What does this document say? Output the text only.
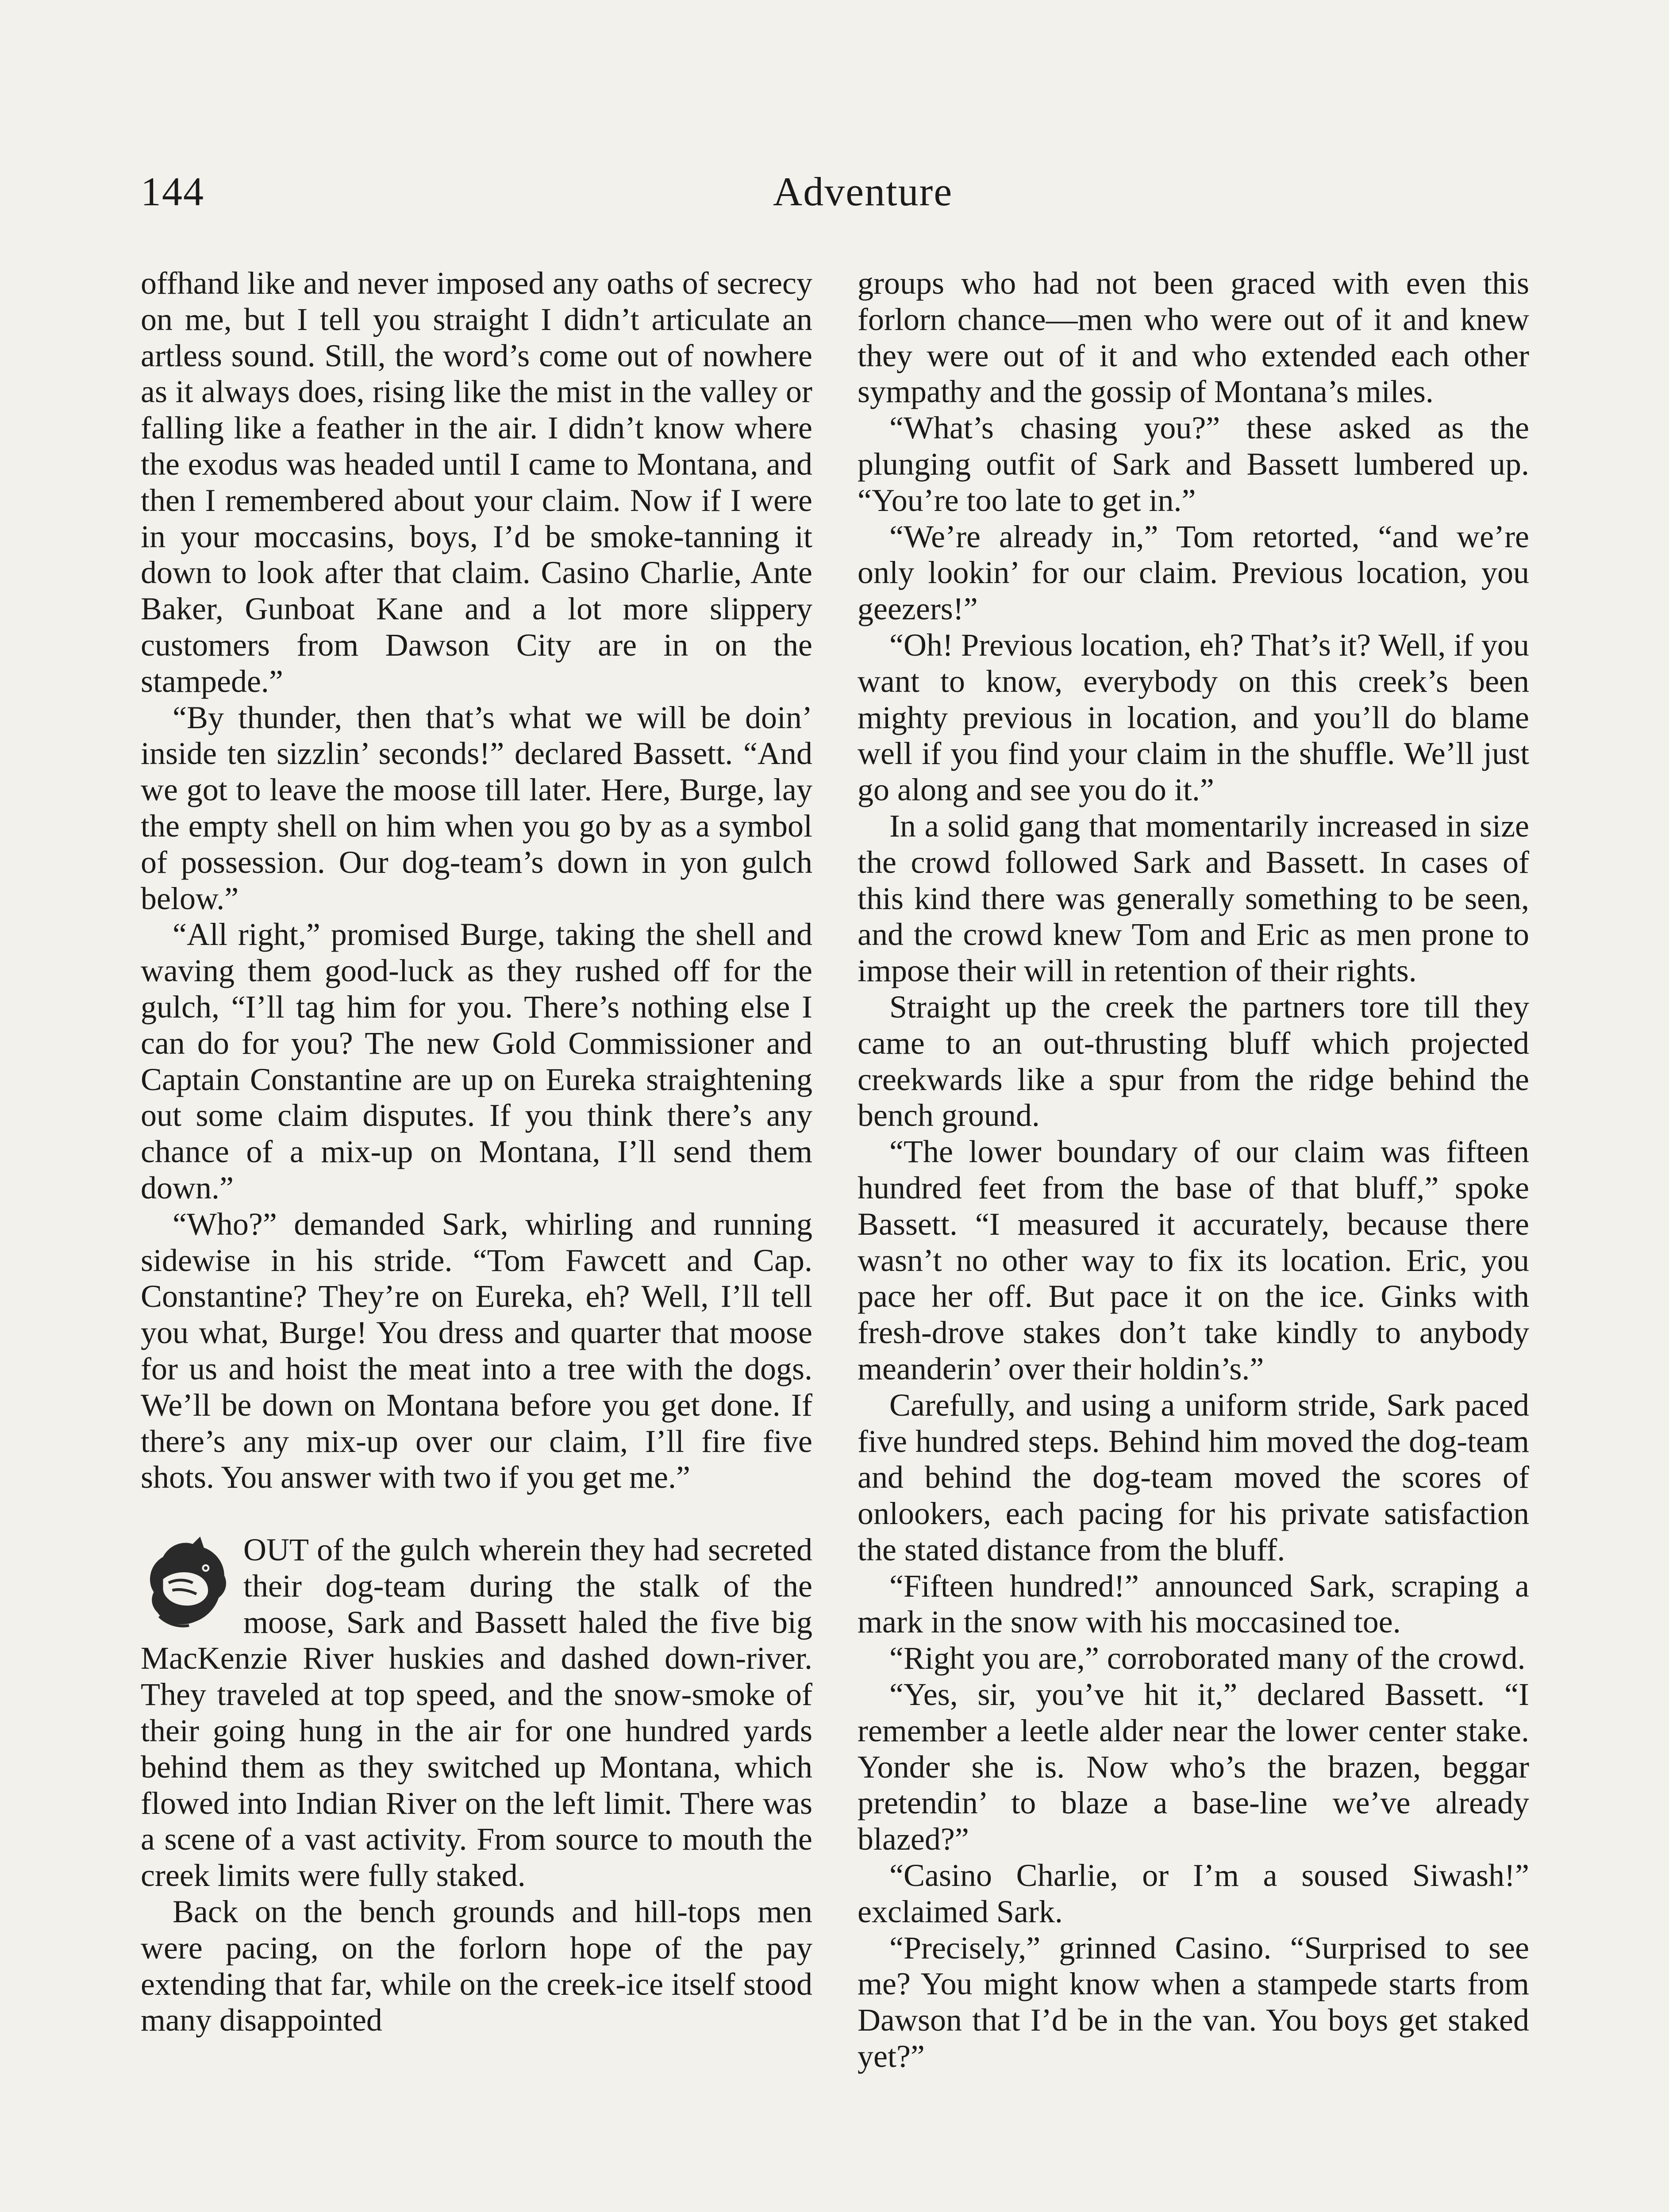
144	Adventure

offhand like and never imposed any oaths of secrecy on me, but I tell you straight I didn’t articulate an artless sound. Still, the word’s come out of nowhere as it always does, rising like the mist in the valley or falling like a feather in the air. I didn’t know where the exodus was headed until I came to Montana, and then I remembered about your claim. Now if I were in your moccasins, boys, I’d be smoke-tanning it down to look after that claim. Casino Charlie, Ante Baker, Gunboat Kane and a lot more slippery customers from Dawson City are in on the stampede.”

“By thunder, then that’s what we will be doin’ inside ten sizzlin’ seconds!” declared Bassett. “And we got to leave the moose till later. Here, Burge, lay the empty shell on him when you go by as a symbol of possession. Our dog-team’s down in yon gulch below.”

“All right,” promised Burge, taking the shell and waving them good-luck as they rushed off for the gulch, “I’ll tag him for you. There’s nothing else I can do for you? The new Gold Commissioner and Captain Constantine are up on Eureka straightening out some claim disputes. If you think there’s any chance of a mix-up on Montana, I’ll send them down.”

“Who?” demanded Sark, whirling and running sidewise in his stride. “Tom Fawcett and Cap. Constantine? They’re on Eureka, eh? Well, I’ll tell you what, Burge! You dress and quarter that moose for us and hoist the meat into a tree with the dogs. We’ll be down on Montana before you get done. If there’s any mix-up over our claim, I’ll fire five shots. You answer with two if you get me.”

OUT of the gulch wherein they had secreted their dog-team during the stalk of the moose, Sark and Bassett haled the five big MacKenzie River huskies and dashed down-river. They traveled at top speed, and the snow-smoke of their going hung in the air for one hundred yards behind them as they switched up Montana, which flowed into Indian River on the left limit. There was a scene of a vast activity. From source to mouth the creek limits were fully staked.

Back on the bench grounds and hill-tops men were pacing, on the forlorn hope of the pay extending that far, while on the creek-ice itself stood many disappointed

groups who had not been graced with even this forlorn chance—men who were out of it and knew they were out of it and who extended each other sympathy and the gossip of Montana’s miles.

“What’s chasing you?” these asked as the plunging outfit of Sark and Bassett lumbered up. “You’re too late to get in.”

“We’re already in,” Tom retorted, “and we’re only lookin’ for our claim. Previous location, you geezers!”

“Oh! Previous location, eh? That’s it? Well, if you want to know, everybody on this creek’s been mighty previous in location, and you’ll do blame well if you find your claim in the shuffle. We’ll just go along and see you do it.”

In a solid gang that momentarily increased in size the crowd followed Sark and Bassett. In cases of this kind there was generally something to be seen, and the crowd knew Tom and Eric as men prone to impose their will in retention of their rights.

Straight up the creek the partners tore till they came to an out-thrusting bluff which projected creekwards like a spur from the ridge behind the bench ground.

“The lower boundary of our claim was fifteen hundred feet from the base of that bluff,” spoke Bassett. “I measured it accurately, because there wasn’t no other way to fix its location. Eric, you pace her off. But pace it on the ice. Ginks with fresh-drove stakes don’t take kindly to anybody meanderin’ over their holdin’s.”

Carefully, and using a uniform stride, Sark paced five hundred steps. Behind him moved the dog-team and behind the dog-team moved the scores of onlookers, each pacing for his private satisfaction the stated distance from the bluff.

“Fifteen hundred!” announced Sark, scraping a mark in the snow with his moccasined toe.

“Right you are,” corroborated many of the crowd.

“Yes, sir, you’ve hit it,” declared Bassett. “I remember a leetle alder near the lower center stake. Yonder she is. Now who’s the brazen, beggar pretendin’ to blaze a base-line we’ve already blazed?”

“Casino Charlie, or I’m a soused Siwash!” exclaimed Sark.

“Precisely,” grinned Casino. “Surprised to see me? You might know when a stampede starts from Dawson that I’d be in the van. You boys get staked yet?”
